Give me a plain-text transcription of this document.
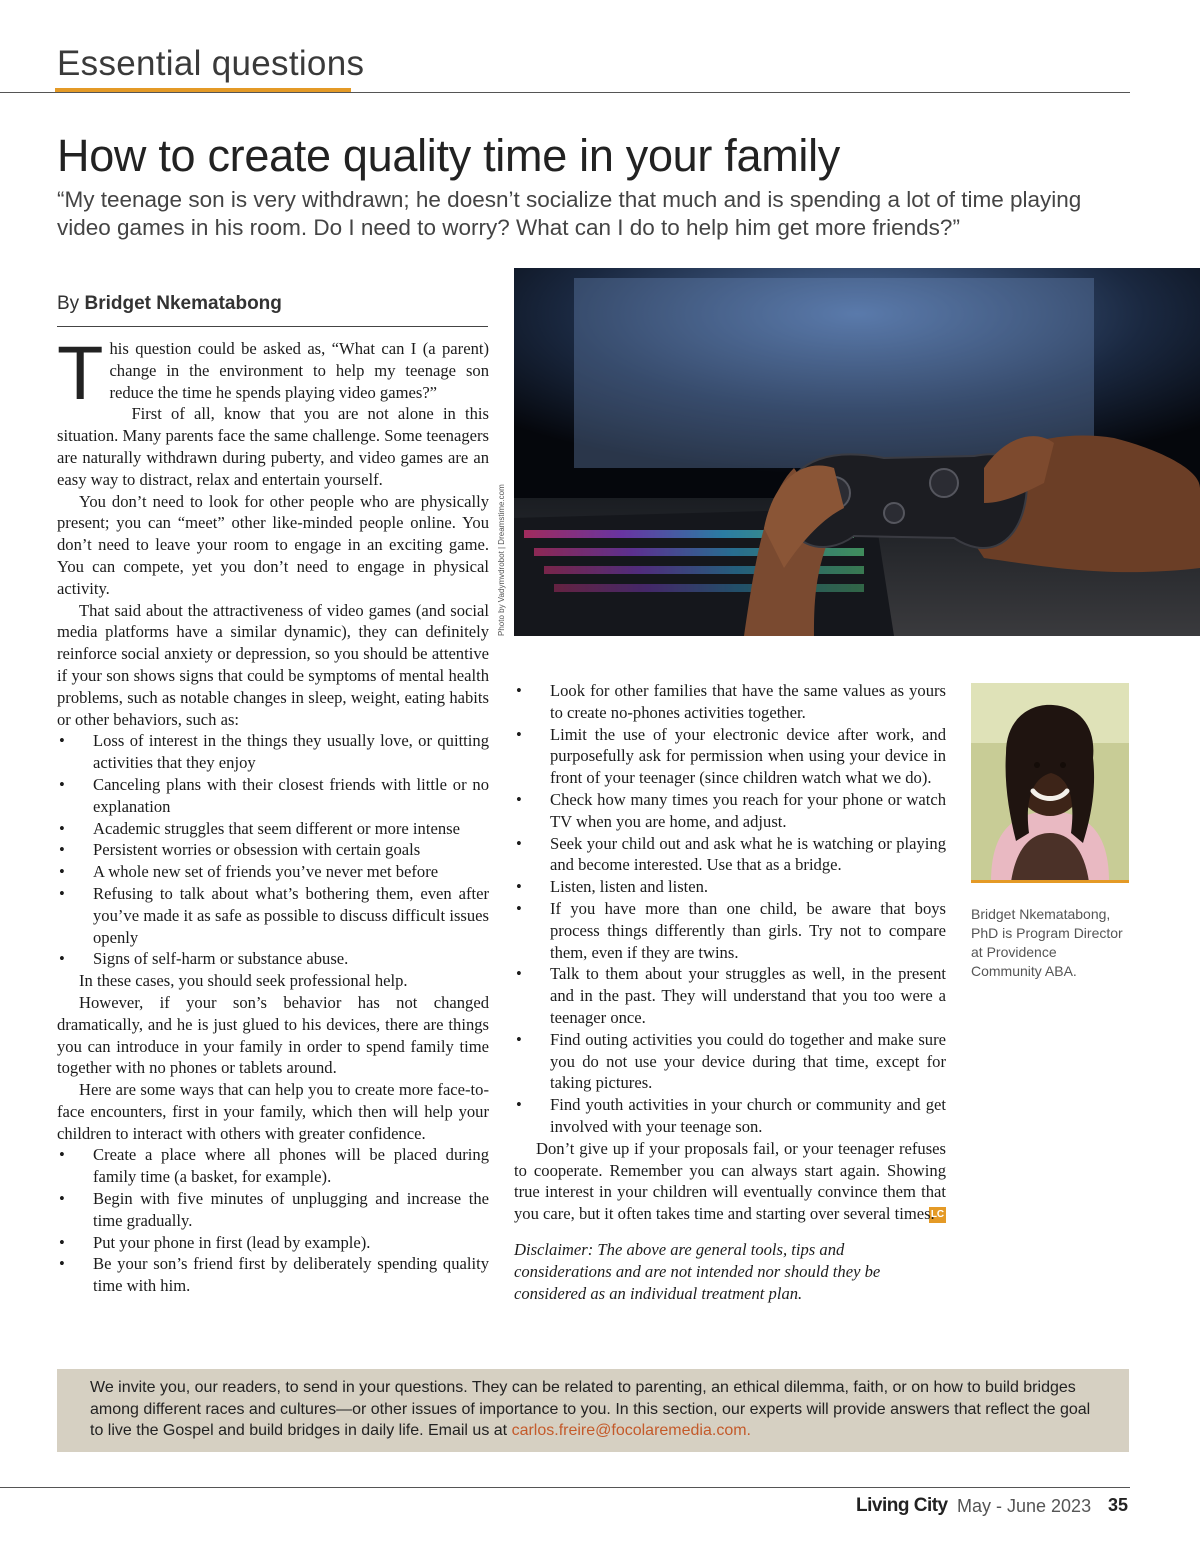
Essential questions
How to create quality time in your family
“My teenage son is very withdrawn; he doesn’t socialize that much and is spending a lot of time playing video games in his room. Do I need to worry? What can I do to help him get more friends?”
By Bridget Nkematabong

This question could be asked as, “What can I (a parent) change in the environment to help my teenage son reduce the time he spends playing video games?”

First of all, know that you are not alone in this situation. Many parents face the same challenge. Some teenagers are naturally withdrawn during puberty, and video games are an easy way to distract, relax and entertain yourself.

You don’t need to look for other people who are physically present; you can “meet” other like-minded people online. You don’t need to leave your room to engage in an exciting game. You can compete, yet you don’t need to engage in physical activity.

That said about the attractiveness of video games (and social media platforms have a similar dynamic), they can definitely reinforce social anxiety or depression, so you should be attentive if your son shows signs that could be symptoms of mental health problems, such as notable changes in sleep, weight, eating habits or other behaviors, such as:

• Loss of interest in the things they usually love, or quitting activities that they enjoy
• Canceling plans with their closest friends with little or no explanation
• Academic struggles that seem different or more intense
• Persistent worries or obsession with certain goals
• A whole new set of friends you’ve never met before
• Refusing to talk about what’s bothering them, even after you’ve made it as safe as possible to discuss difficult issues openly
• Signs of self-harm or substance abuse.

In these cases, you should seek professional help.

However, if your son’s behavior has not changed dramatically, and he is just glued to his devices, there are things you can introduce in your family in order to spend family time together with no phones or tablets around.

Here are some ways that can help you to create more face-to-face encounters, first in your family, which then will help your children to interact with others with greater confidence.

• Create a place where all phones will be placed during family time (a basket, for example).
• Begin with five minutes of unplugging and increase the time gradually.
• Put your phone in first (lead by example).
• Be your son’s friend first by deliberately spending quality time with him.
Photo by Vadymvdrobot | Dreamstime.com
• Look for other families that have the same values as yours to create no-phones activities together.
• Limit the use of your electronic device after work, and purposefully ask for permission when using your device in front of your teenager (since children watch what we do).
• Check how many times you reach for your phone or watch TV when you are home, and adjust.
• Seek your child out and ask what he is watching or playing and become interested. Use that as a bridge.
• Listen, listen and listen.
• If you have more than one child, be aware that boys process things differently than girls. Try not to compare them, even if they are twins.
• Talk to them about your struggles as well, in the present and in the past. They will understand that you too were a teenager once.
• Find outing activities you could do together and make sure you do not use your device during that time, except for taking pictures.
• Find youth activities in your church or community and get involved with your teenage son.

Don’t give up if your proposals fail, or your teenager refuses to cooperate. Remember you can always start again. Showing true interest in your children will eventually convince them that you care, but it often takes time and starting over several times.

LC

Disclaimer: The above are general tools, tips and considerations and are not intended nor should they be considered as an individual treatment plan.

Bridget Nkematabong, PhD is Program Director at Providence Community ABA.
We invite you, our readers, to send in your questions. They can be related to parenting, an ethical dilemma, faith, or on how to build bridges among different races and cultures—or other issues of importance to you. In this section, our experts will provide answers that reflect the goal to live the Gospel and build bridges in daily life. Email us at carlos.freire@focolaremedia.com.
Living City May - June 2023 35
